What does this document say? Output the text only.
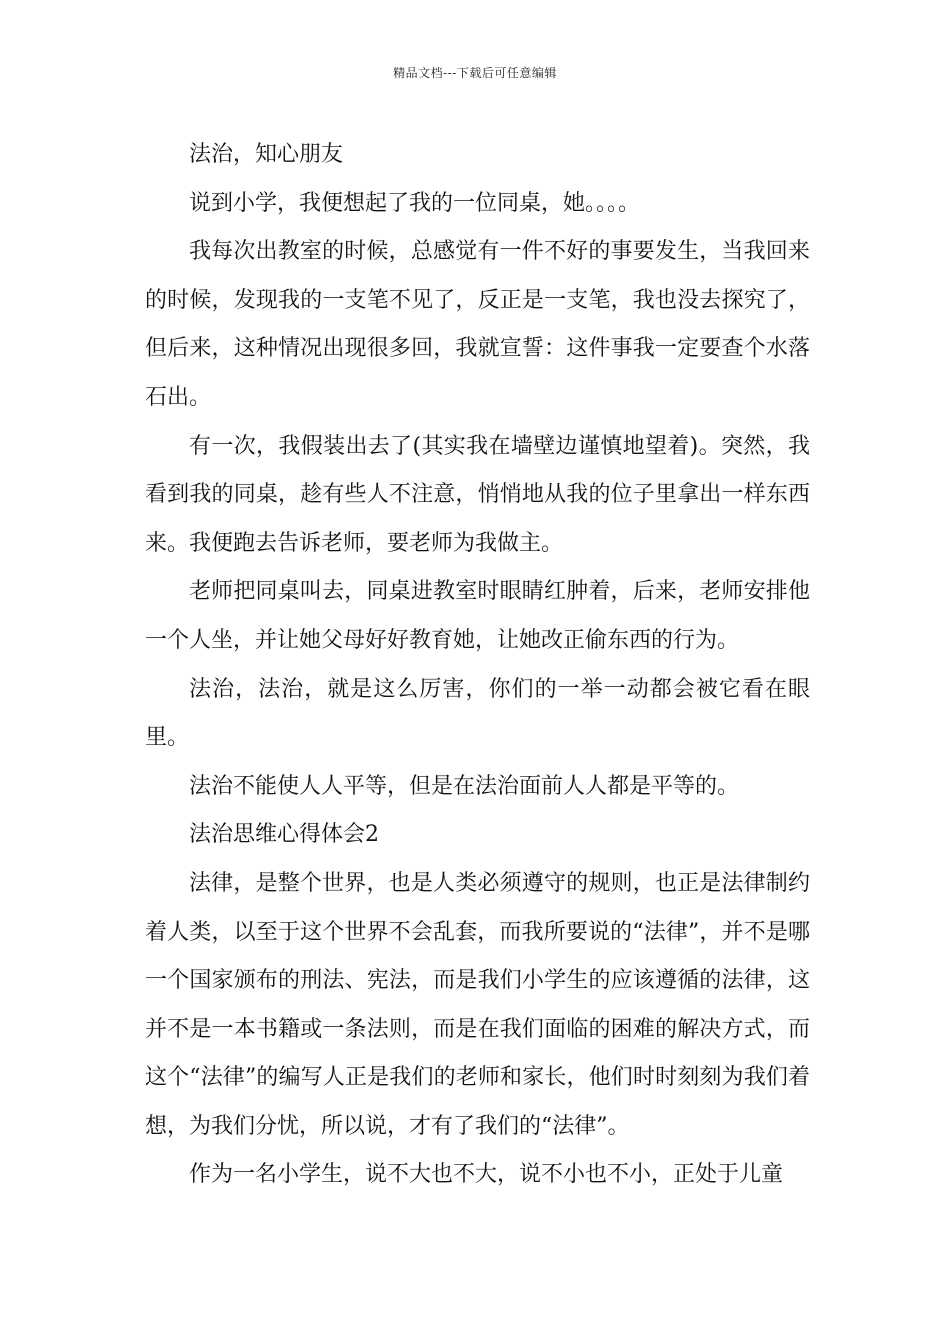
精品文档---下载后可任意编辑

法治，知心朋友

说到小学，我便想起了我的一位同桌，她。。。。

我每次出教室的时候，总感觉有一件不好的事要发生，当我回来的时候，发现我的一支笔不见了，反正是一支笔，我也没去探究了，但后来，这种情况出现很多回，我就宣誓：这件事我一定要查个水落石出。

有一次，我假装出去了(其实我在墙壁边谨慎地望着)。突然，我看到我的同桌，趁有些人不注意，悄悄地从我的位子里拿出一样东西来。我便跑去告诉老师，要老师为我做主。

老师把同桌叫去，同桌进教室时眼睛红肿着，后来，老师安排他一个人坐，并让她父母好好教育她，让她改正偷东西的行为。

法治，法治，就是这么厉害，你们的一举一动都会被它看在眼里。

法治不能使人人平等，但是在法治面前人人都是平等的。

法治思维心得体会2

法律，是整个世界，也是人类必须遵守的规则，也正是法律制约着人类，以至于这个世界不会乱套，而我所要说的“法律”，并不是哪一个国家颁布的刑法、宪法，而是我们小学生的应该遵循的法律，这并不是一本书籍或一条法则，而是在我们面临的困难的解决方式，而这个“法律”的编写人正是我们的老师和家长，他们时时刻刻为我们着想，为我们分忧，所以说，才有了我们的“法律”。

作为一名小学生，说不大也不大，说不小也不小，正处于儿童
